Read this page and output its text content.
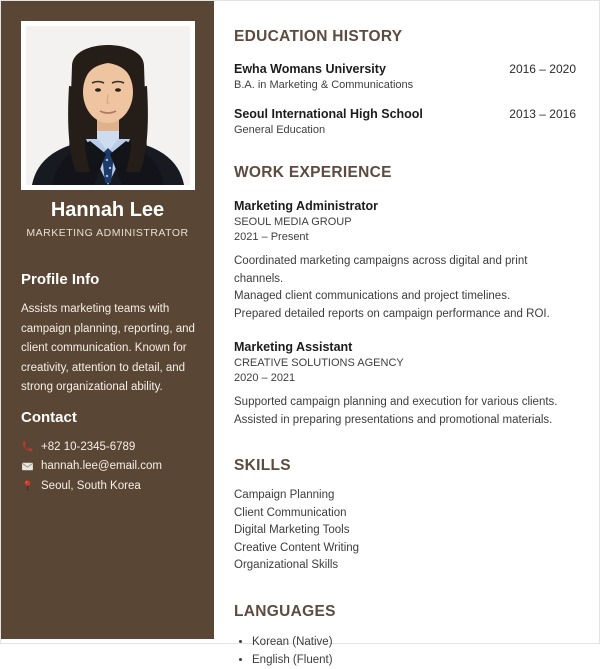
Hannah Lee
MARKETING ADMINISTRATOR
Profile Info
Assists marketing teams with campaign planning, reporting, and client communication. Known for creativity, attention to detail, and strong organizational ability.
Contact
+82 10-2345-6789
hannah.lee@email.com
Seoul, South Korea
EDUCATION HISTORY
Ewha Womans University
B.A. in Marketing & Communications
2016 – 2020
Seoul International High School
General Education
2013 – 2016
WORK EXPERIENCE
Marketing Administrator
SEOUL MEDIA GROUP
2021 – Present
Coordinated marketing campaigns across digital and print channels.
Managed client communications and project timelines.
Prepared detailed reports on campaign performance and ROI.
Marketing Assistant
CREATIVE SOLUTIONS AGENCY
2020 – 2021
Supported campaign planning and execution for various clients.
Assisted in preparing presentations and promotional materials.
SKILLS
Campaign Planning
Client Communication
Digital Marketing Tools
Creative Content Writing
Organizational Skills
LANGUAGES
• Korean (Native)
• English (Fluent)
